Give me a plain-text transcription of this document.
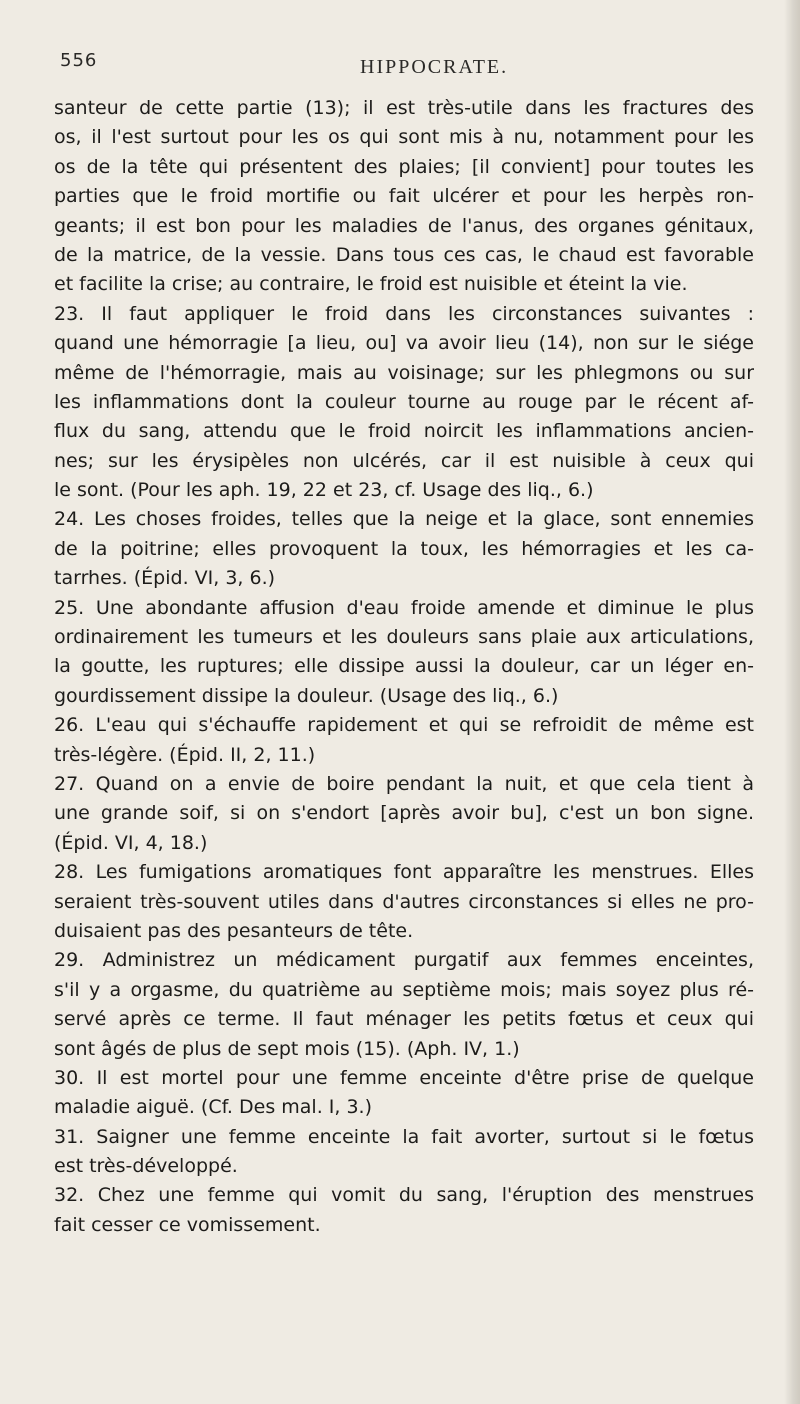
556	HIPPOCRATE.
santeur de cette partie (13); il est très-utile dans les fractures des
os, il l'est surtout pour les os qui sont mis à nu, notamment pour les
os de la tête qui présentent des plaies; [il convient] pour toutes les
parties que le froid mortifie ou fait ulcérer et pour les herpès ron-
geants; il est bon pour les maladies de l'anus, des organes génitaux,
de la matrice, de la vessie. Dans tous ces cas, le chaud est favorable
et facilite la crise; au contraire, le froid est nuisible et éteint la vie.
23. Il faut appliquer le froid dans les circonstances suivantes :
quand une hémorragie [a lieu, ou] va avoir lieu (14), non sur le siége
même de l'hémorragie, mais au voisinage; sur les phlegmons ou sur
les inflammations dont la couleur tourne au rouge par le récent af-
flux du sang, attendu que le froid noircit les inflammations ancien-
nes; sur les érysipèles non ulcérés, car il est nuisible à ceux qui
le sont. (Pour les aph. 19, 22 et 23, cf. Usage des liq., 6.)
24. Les choses froides, telles que la neige et la glace, sont ennemies
de la poitrine; elles provoquent la toux, les hémorragies et les ca-
tarrhes. (Épid. VI, 3, 6.)
25. Une abondante affusion d'eau froide amende et diminue le plus
ordinairement les tumeurs et les douleurs sans plaie aux articulations,
la goutte, les ruptures; elle dissipe aussi la douleur, car un léger en-
gourdissement dissipe la douleur. (Usage des liq., 6.)
26. L'eau qui s'échauffe rapidement et qui se refroidit de même est
très-légère. (Épid. II, 2, 11.)
27. Quand on a envie de boire pendant la nuit, et que cela tient à
une grande soif, si on s'endort [après avoir bu], c'est un bon signe.
(Épid. VI, 4, 18.)
28. Les fumigations aromatiques font apparaître les menstrues. Elles
seraient très-souvent utiles dans d'autres circonstances si elles ne pro-
duisaient pas des pesanteurs de tête.
29. Administrez un médicament purgatif aux femmes enceintes,
s'il y a orgasme, du quatrième au septième mois; mais soyez plus ré-
servé après ce terme. Il faut ménager les petits fœtus et ceux qui
sont âgés de plus de sept mois (15). (Aph. IV, 1.)
30. Il est mortel pour une femme enceinte d'être prise de quelque
maladie aiguë. (Cf. Des mal. I, 3.)
31. Saigner une femme enceinte la fait avorter, surtout si le fœtus
est très-développé.
32. Chez une femme qui vomit du sang, l'éruption des menstrues
fait cesser ce vomissement.
